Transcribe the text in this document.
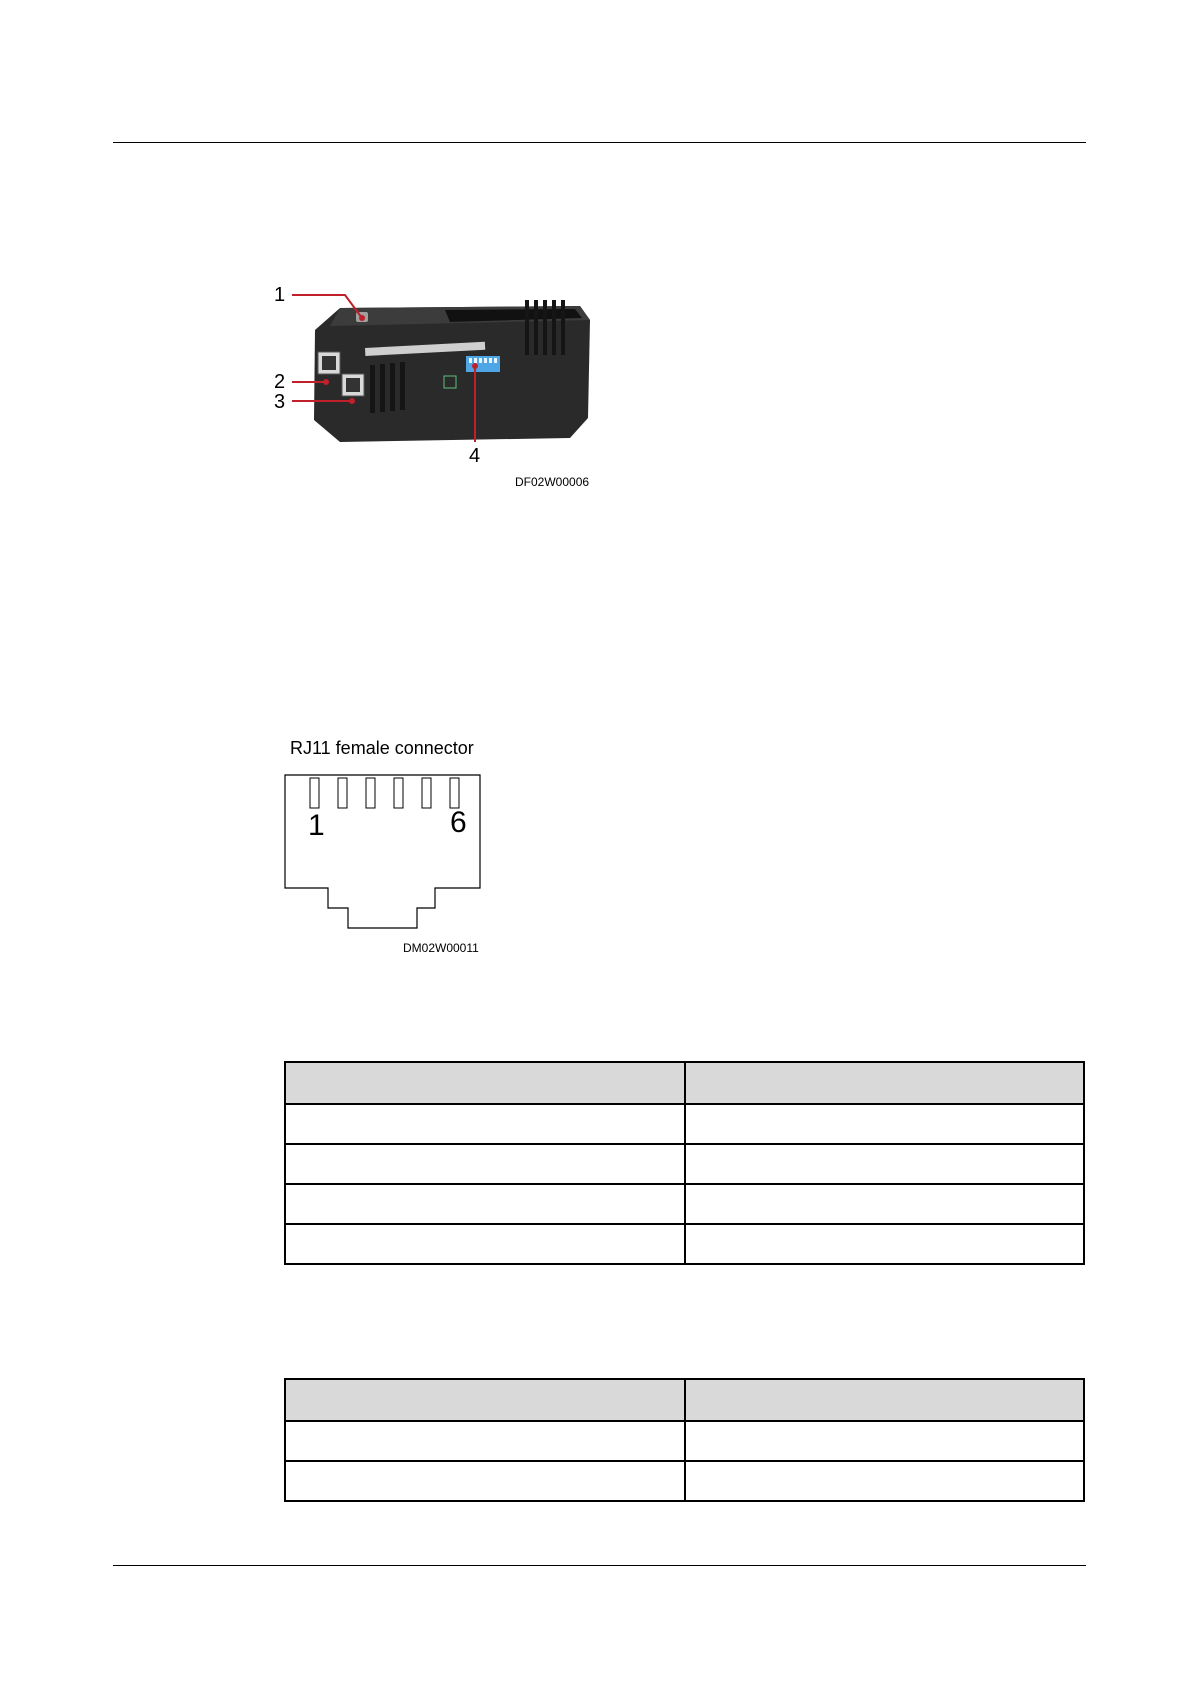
1
2
3
4
DF02W00006
RJ11 female connector
1	6
DM02W00011
